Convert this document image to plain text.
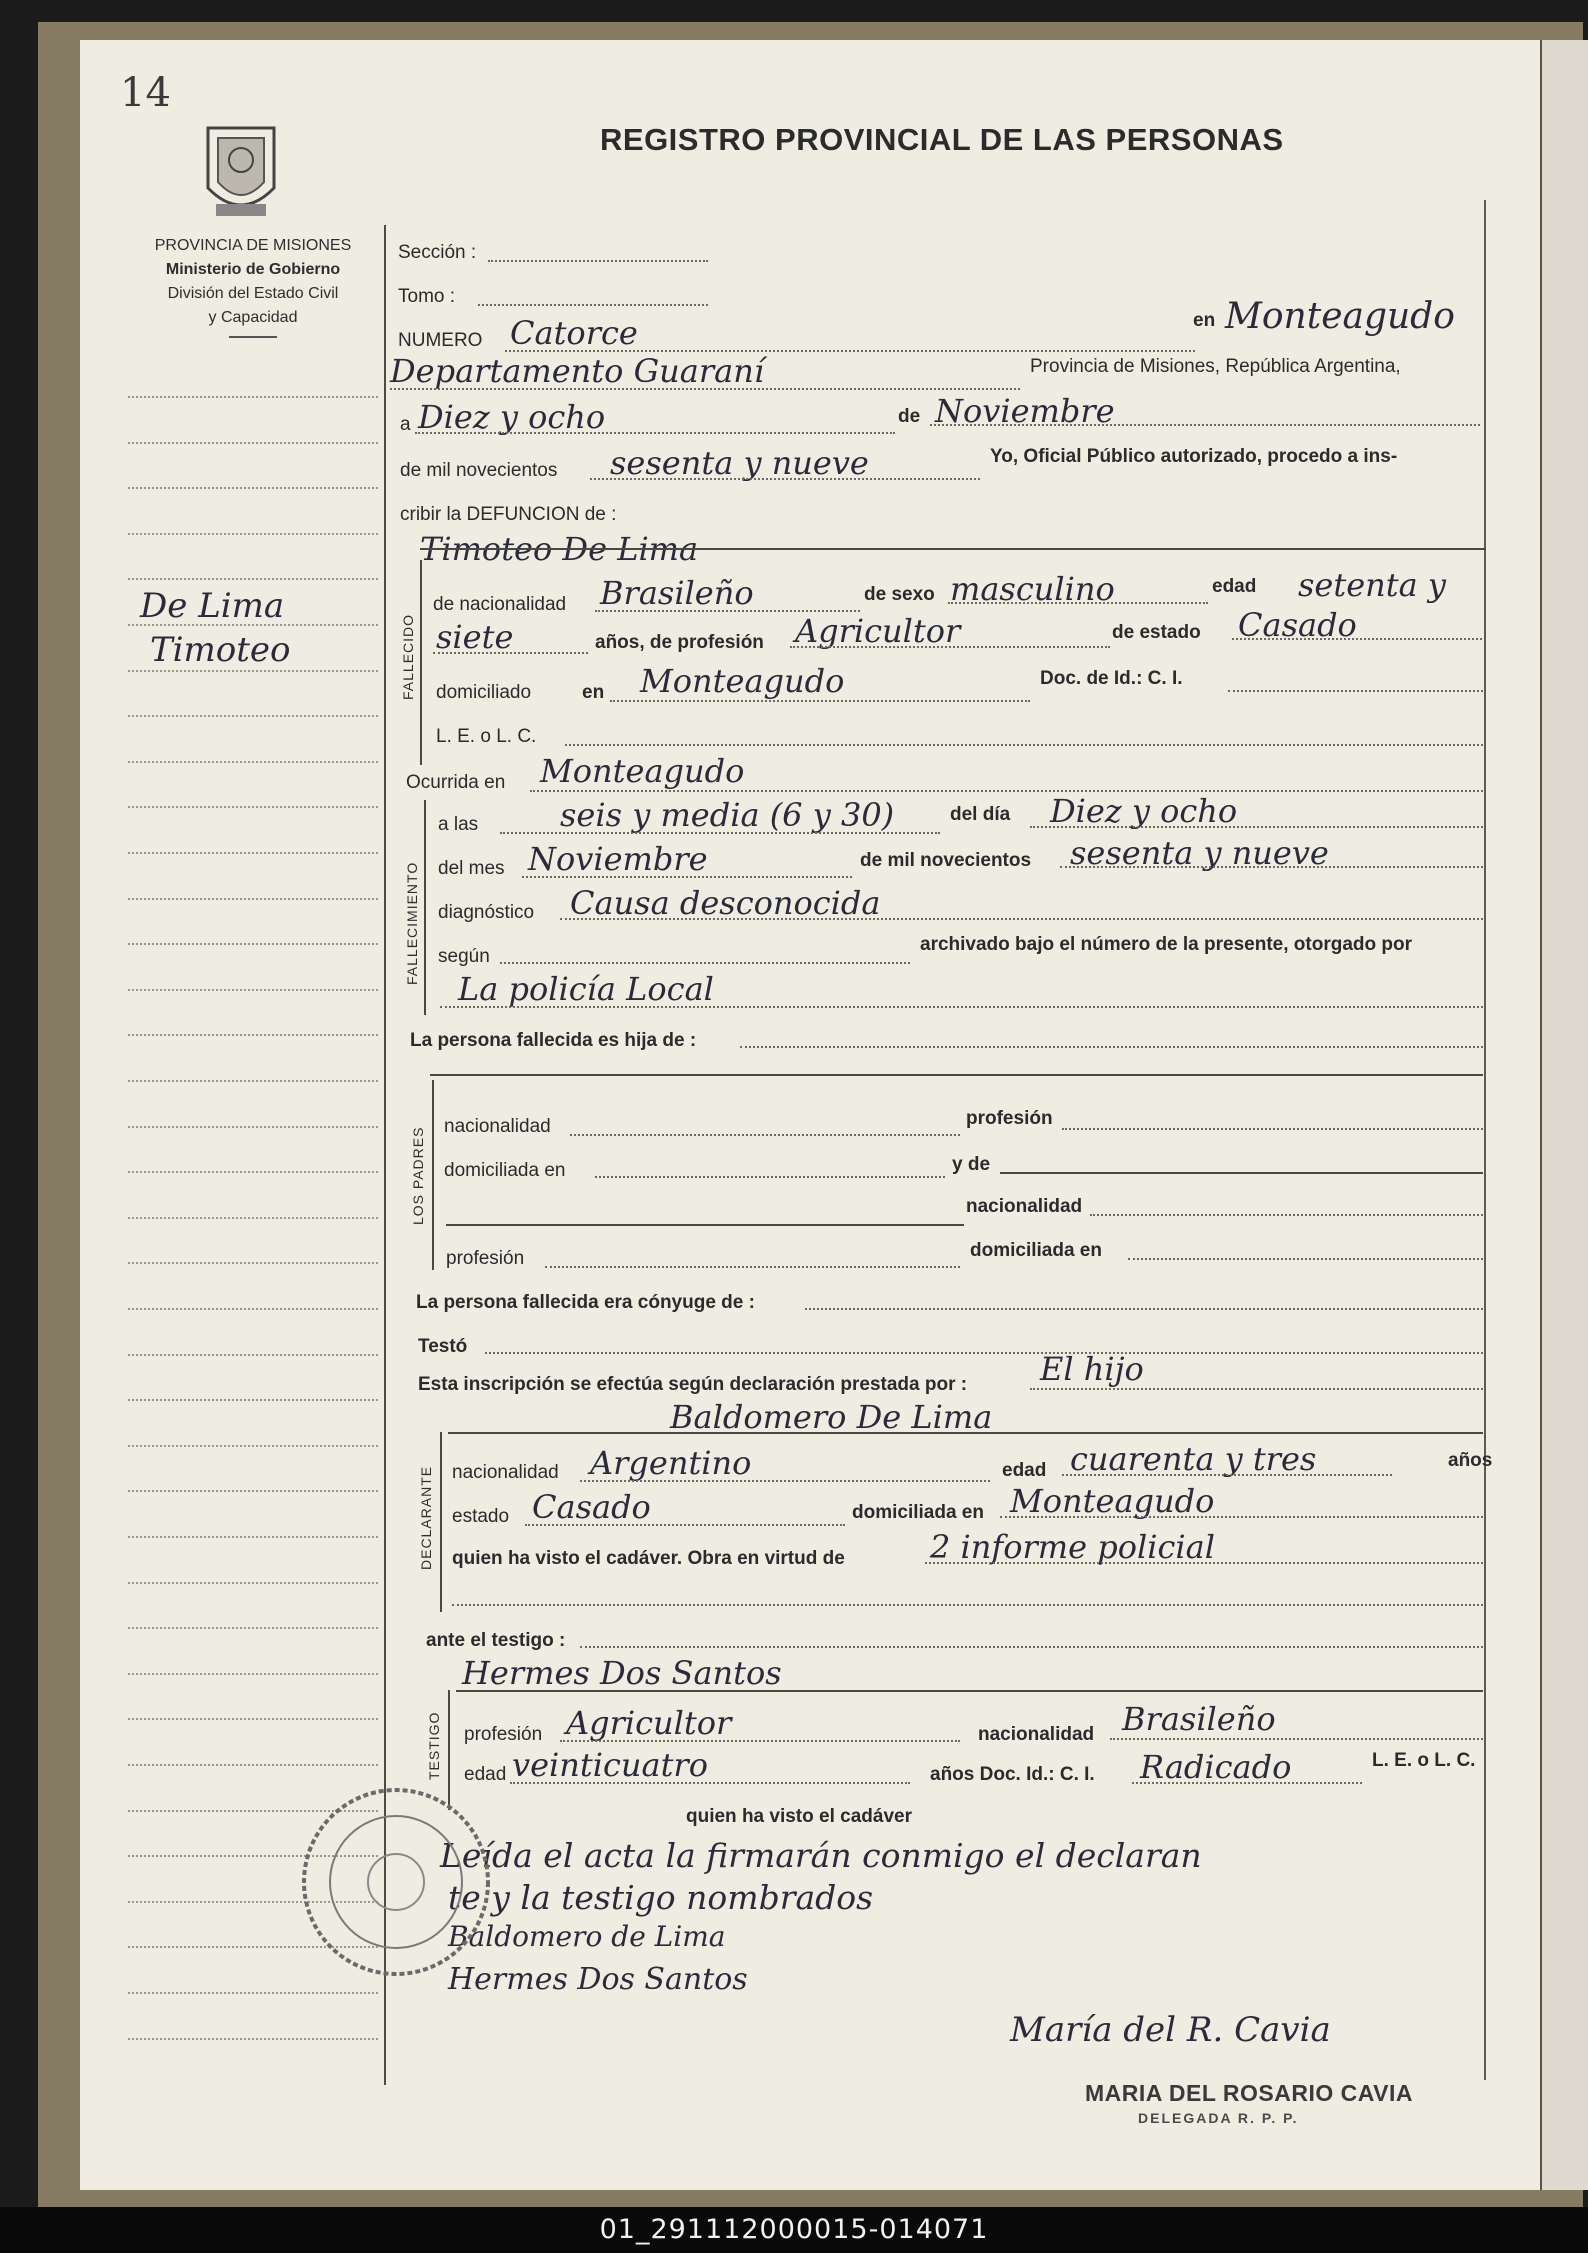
14
REGISTRO PROVINCIAL DE LAS PERSONAS
PROVINCIA DE MISIONES
Ministerio de Gobierno
División del Estado Civil
y Capacidad
De Lima
Timoteo
Sección :
Tomo :
NUMERO Catorce	en Monteagudo
Departamento Guaraní	Provincia de Misiones, República Argentina,
a Diez y ocho	de Noviembre
de mil novecientos sesenta y nueve	Yo, Oficial Público autorizado, procedo a ins-
cribir la DEFUNCION de :
Timoteo De Lima
FALLECIDO
de nacionalidad Brasileño	de sexo masculino	edad setenta y
siete	años, de profesión Agricultor	de estado Casado
domiciliado	en Monteagudo	Doc. de Id.: C. I.
L. E. o L. C.
Ocurrida en Monteagudo
FALLECIMIENTO
a las	seis y media (6 y 30)	del día Diez y ocho
del mes Noviembre	de mil novecientos sesenta y nueve
diagnóstico Causa desconocida
según
archivado bajo el número de la presente, otorgado por
La policía Local
La persona fallecida es hija de :
LOS PADRES
nacionalidad	profesión
domiciliada en	y de
nacionalidad
profesión	domiciliada en
La persona fallecida era cónyuge de :
Testó
Esta inscripción se efectúa según declaración prestada por : El hijo
Baldomero De Lima
DECLARANTE nacionalidad Argentino	edad cuarenta y tres	años
estado Casado	domiciliada en Monteagudo
quien ha visto el cadáver. Obra en virtud de	2 informe policial
ante el testigo :
Hermes Dos Santos
TESTIGO profesión Agricultor	nacionalidad Brasileño
edad veinticuatro	años Doc. Id.: C. I. Radicado	L. E. o L. C.
quien ha visto el cadáver
Leída el acta la firmarán conmigo el declaran
te y la testigo nombrados
Baldomero de Lima
Hermes Dos Santos
María del R. Cavia
MARIA DEL ROSARIO CAVIA
DELEGADA R. P. P.
01_291112000015-014071
